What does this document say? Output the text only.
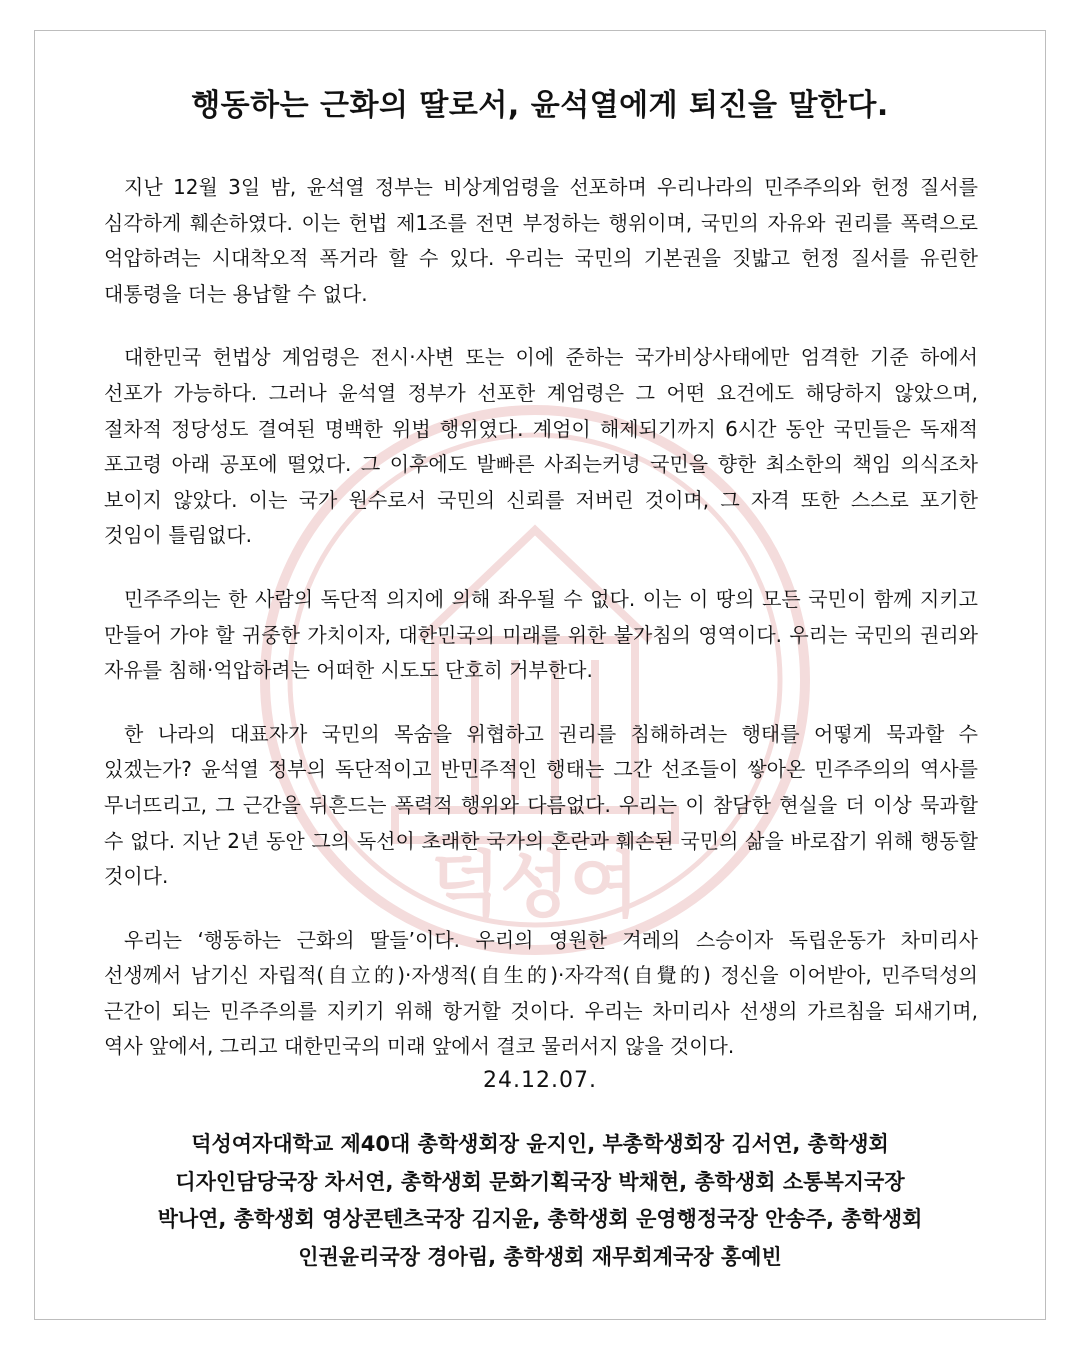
덕성여
행동하는 근화의 딸로서, 윤석열에게 퇴진을 말한다.

지난 12월 3일 밤, 윤석열 정부는 비상계엄령을 선포하며 우리나라의 민주주의와 헌정 질서를 심각하게 훼손하였다. 이는 헌법 제1조를 전면 부정하는 행위이며, 국민의 자유와 권리를 폭력으로 억압하려는 시대착오적 폭거라 할 수 있다. 우리는 국민의 기본권을 짓밟고 헌정 질서를 유린한 대통령을 더는 용납할 수 없다.

대한민국 헌법상 계엄령은 전시·사변 또는 이에 준하는 국가비상사태에만 엄격한 기준 하에서 선포가 가능하다. 그러나 윤석열 정부가 선포한 계엄령은 그 어떤 요건에도 해당하지 않았으며, 절차적 정당성도 결여된 명백한 위법 행위였다. 계엄이 해제되기까지 6시간 동안 국민들은 독재적 포고령 아래 공포에 떨었다. 그 이후에도 발빠른 사죄는커녕 국민을 향한 최소한의 책임 의식조차 보이지 않았다. 이는 국가 원수로서 국민의 신뢰를 저버린 것이며, 그 자격 또한 스스로 포기한 것임이 틀림없다.

민주주의는 한 사람의 독단적 의지에 의해 좌우될 수 없다. 이는 이 땅의 모든 국민이 함께 지키고 만들어 가야 할 귀중한 가치이자, 대한민국의 미래를 위한 불가침의 영역이다. 우리는 국민의 권리와 자유를 침해·억압하려는 어떠한 시도도 단호히 거부한다.

한 나라의 대표자가 국민의 목숨을 위협하고 권리를 침해하려는 행태를 어떻게 묵과할 수 있겠는가? 윤석열 정부의 독단적이고 반민주적인 행태는 그간 선조들이 쌓아온 민주주의의 역사를 무너뜨리고, 그 근간을 뒤흔드는 폭력적 행위와 다름없다. 우리는 이 참담한 현실을 더 이상 묵과할 수 없다. 지난 2년 동안 그의 독선이 초래한 국가의 혼란과 훼손된 국민의 삶을 바로잡기 위해 행동할 것이다.

우리는 ‘행동하는 근화의 딸들’이다. 우리의 영원한 겨레의 스승이자 독립운동가 차미리사 선생께서 남기신 자립적(自立的)·자생적(自生的)·자각적(自覺的) 정신을 이어받아, 민주덕성의 근간이 되는 민주주의를 지키기 위해 항거할 것이다. 우리는 차미리사 선생의 가르침을 되새기며, 역사 앞에서, 그리고 대한민국의 미래 앞에서 결코 물러서지 않을 것이다.

24.12.07.
덕성여자대학교 제40대 총학생회장 윤지인, 부총학생회장 김서연, 총학생회
디자인담당국장 차서연, 총학생회 문화기획국장 박채현, 총학생회 소통복지국장
박나연, 총학생회 영상콘텐츠국장 김지윤, 총학생회 운영행정국장 안송주, 총학생회
인권윤리국장 경아림, 총학생회 재무회계국장 홍예빈
